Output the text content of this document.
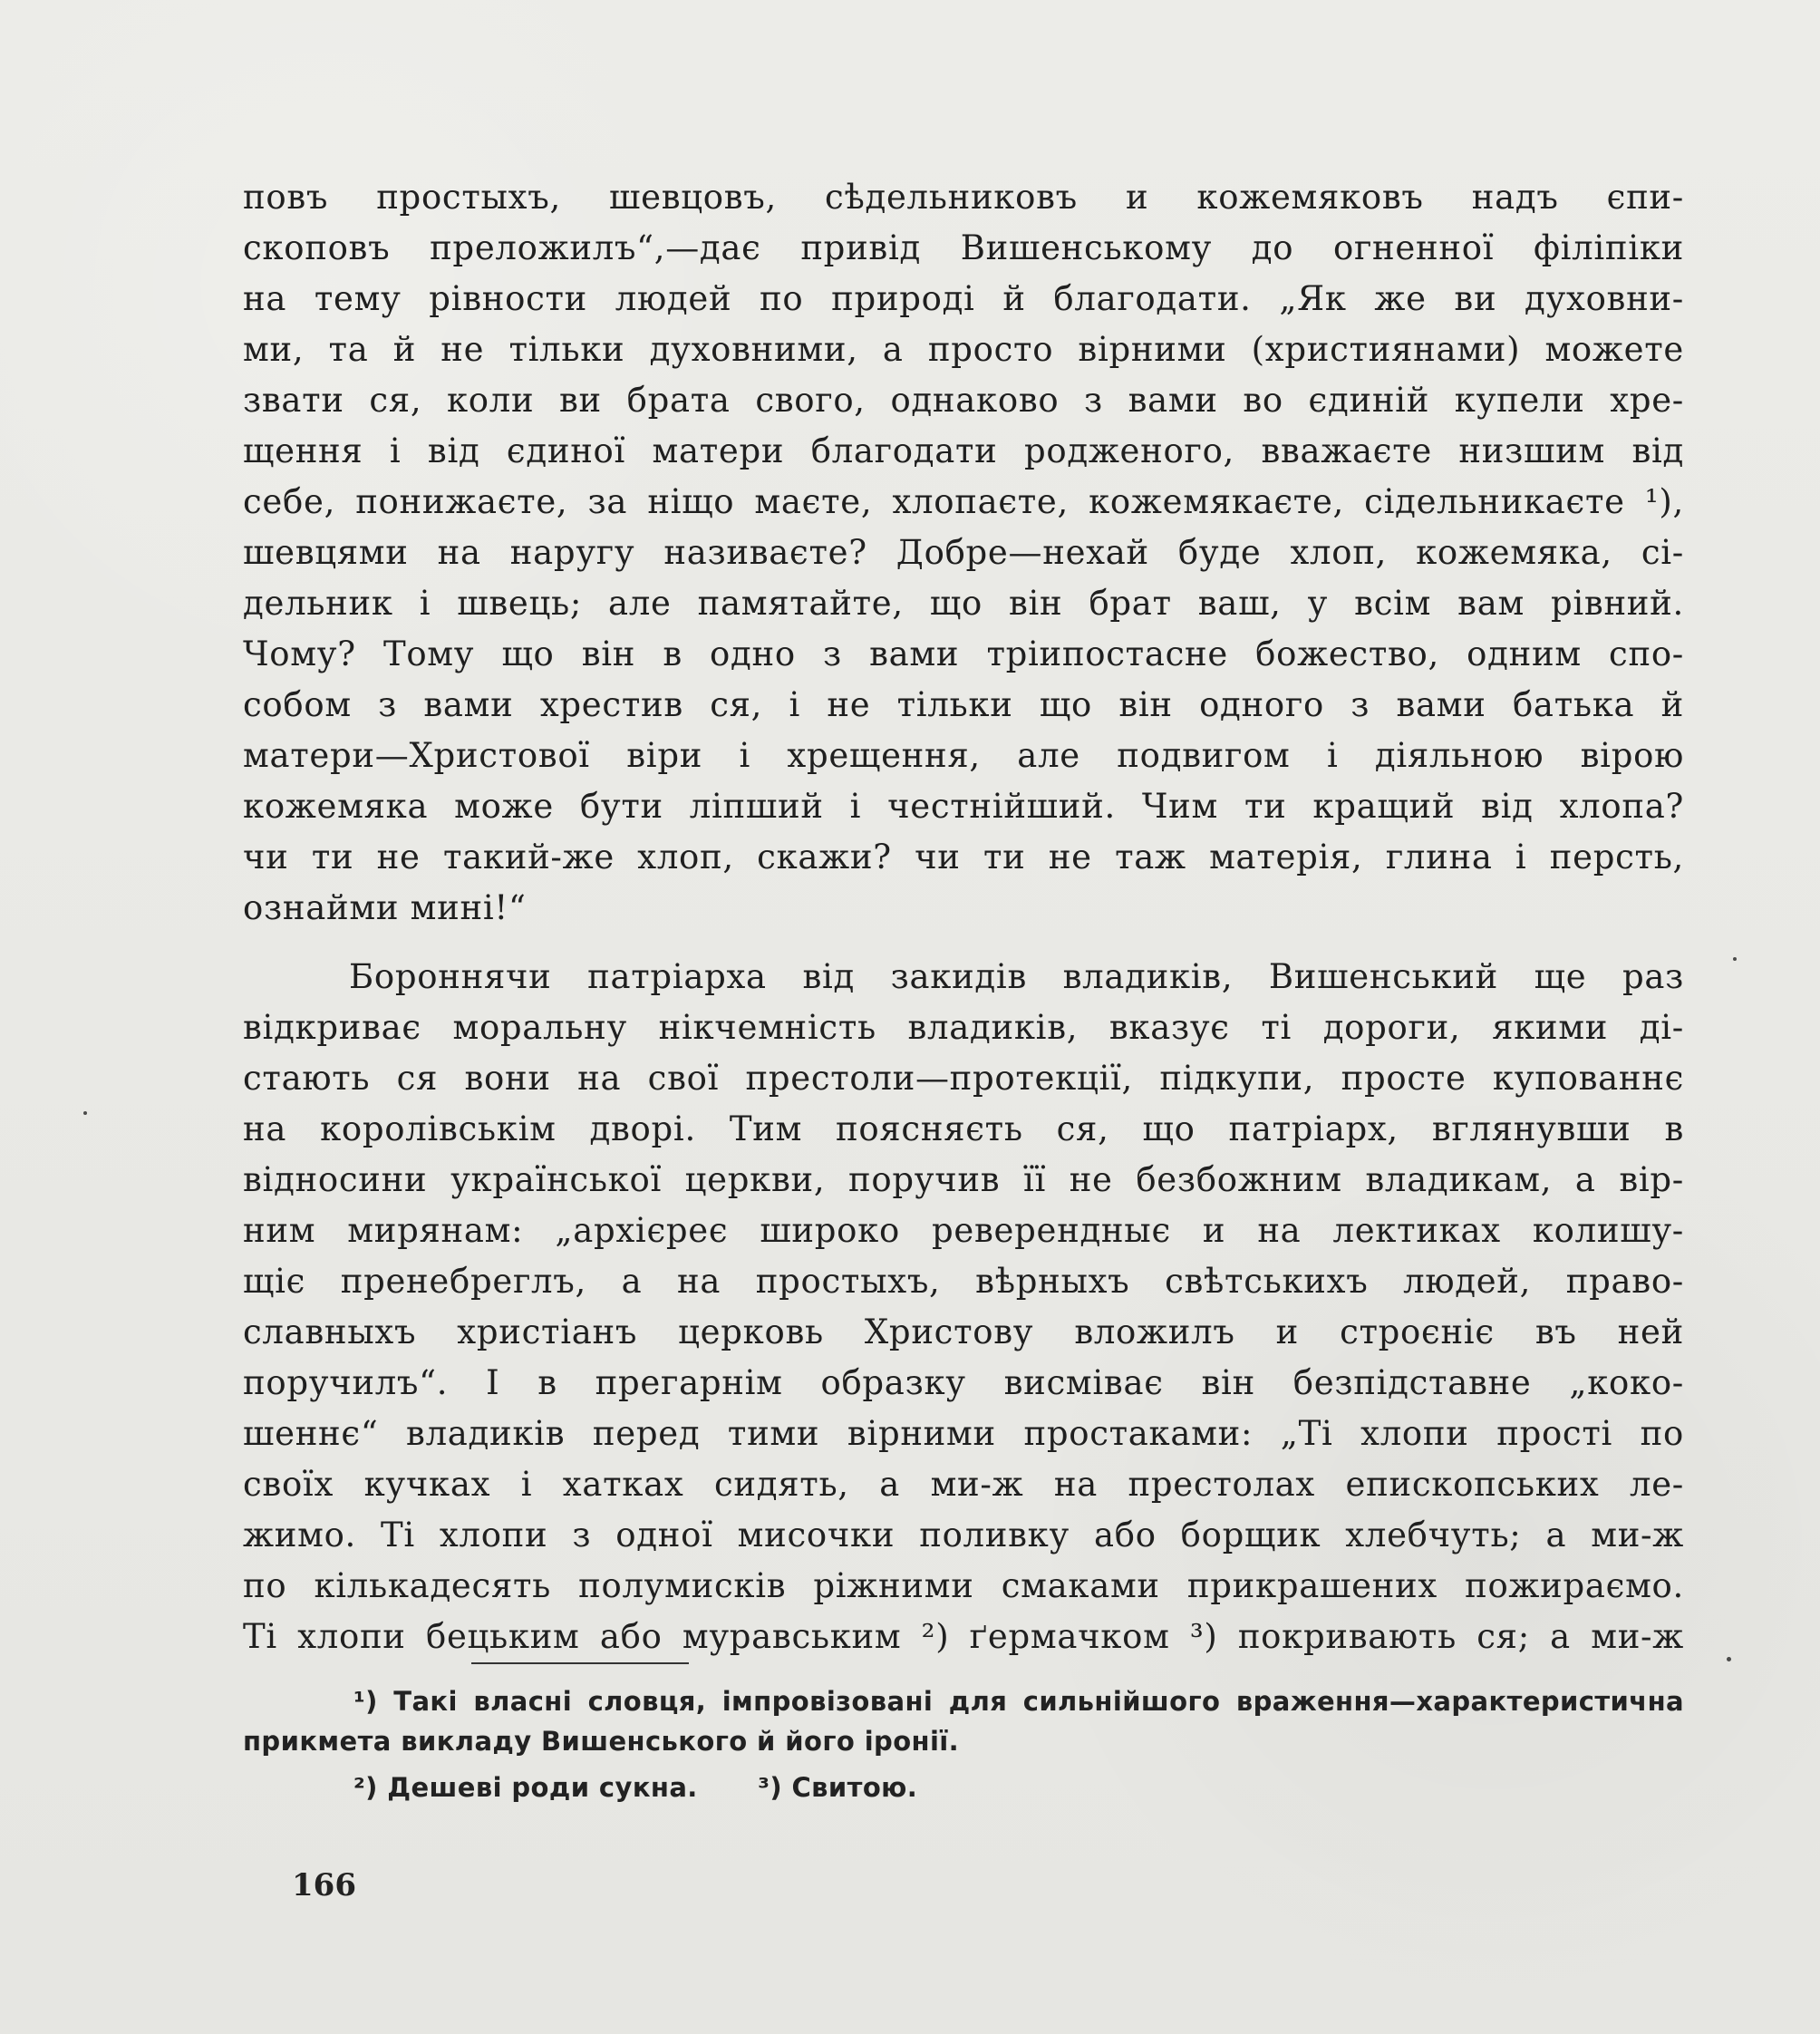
повъ простыхъ, шевцовъ, сѣдельниковъ и кожемяковъ надъ єпи-
скоповъ преложилъ“,—дає привід Вишенському до огненної філіпіки
на тему рівности людей по природі й благодати. „Як же ви духовни-
ми, та й не тільки духовними, а просто вірними (християнами) можете
звати ся, коли ви брата свого, однаково з вами во єдиній купели хре-
щення і від єдиної матери благодати родженого, вважаєте низшим від
себе, понижаєте, за ніщо маєте, хлопаєте, кожемякаєте, сідельникаєте ¹),
шевцями на наругу називаєте? Добре—нехай буде хлоп, кожемяка, сі-
дельник і швець; але памятайте, що він брат ваш, у всім вам рівний.
Чому? Тому що він в одно з вами тріипостасне божество, одним спо-
собом з вами хрестив ся, і не тільки що він одного з вами батька й
матери—Христової віри і хрещення, але подвигом і діяльною вірою
кожемяка може бути ліпший і честнійший. Чим ти кращий від хлопа?
чи ти не такий-же хлоп, скажи? чи ти не таж матерія, глина і персть,
ознайми мині!“
Бороннячи патріарха від закидів владиків, Вишенський ще раз
відкриває моральну нікчемність владиків, вказує ті дороги, якими ді-
стають ся вони на свої престоли—протекції, підкупи, просте купованнє
на королівськім дворі. Тим поясняєть ся, що патріарх, вглянувши в
відносини української церкви, поручив її не безбожним владикам, а вір-
ним мирянам: „архієреє широко реверендныє и на лектиках колишу-
щіє пренебреглъ, а на простыхъ, вѣрныхъ свѣтськихъ людей, право-
славныхъ христіанъ церковь Христову вложилъ и строєніє въ ней
поручилъ“. І в прегарнім образку висміває він безпідставне „коко-
шеннє“ владиків перед тими вірними простаками: „Ті хлопи прості по
своїх кучках і хатках сидять, а ми-ж на престолах епископських ле-
жимо. Ті хлопи з одної мисочки поливку або борщик хлебчуть; а ми-ж
по кількадесять полумисків ріжними смаками прикрашених пожираємо.
Ті хлопи бецьким або муравським ²) ґермачком ³) покривають ся; а ми-ж
¹) Такі власні словця, імпровізовані для сильнійшого враження—характеристична
прикмета викладу Вишенського й його іронії.
²) Дешеві роди сукна. ³) Свитою.
166
